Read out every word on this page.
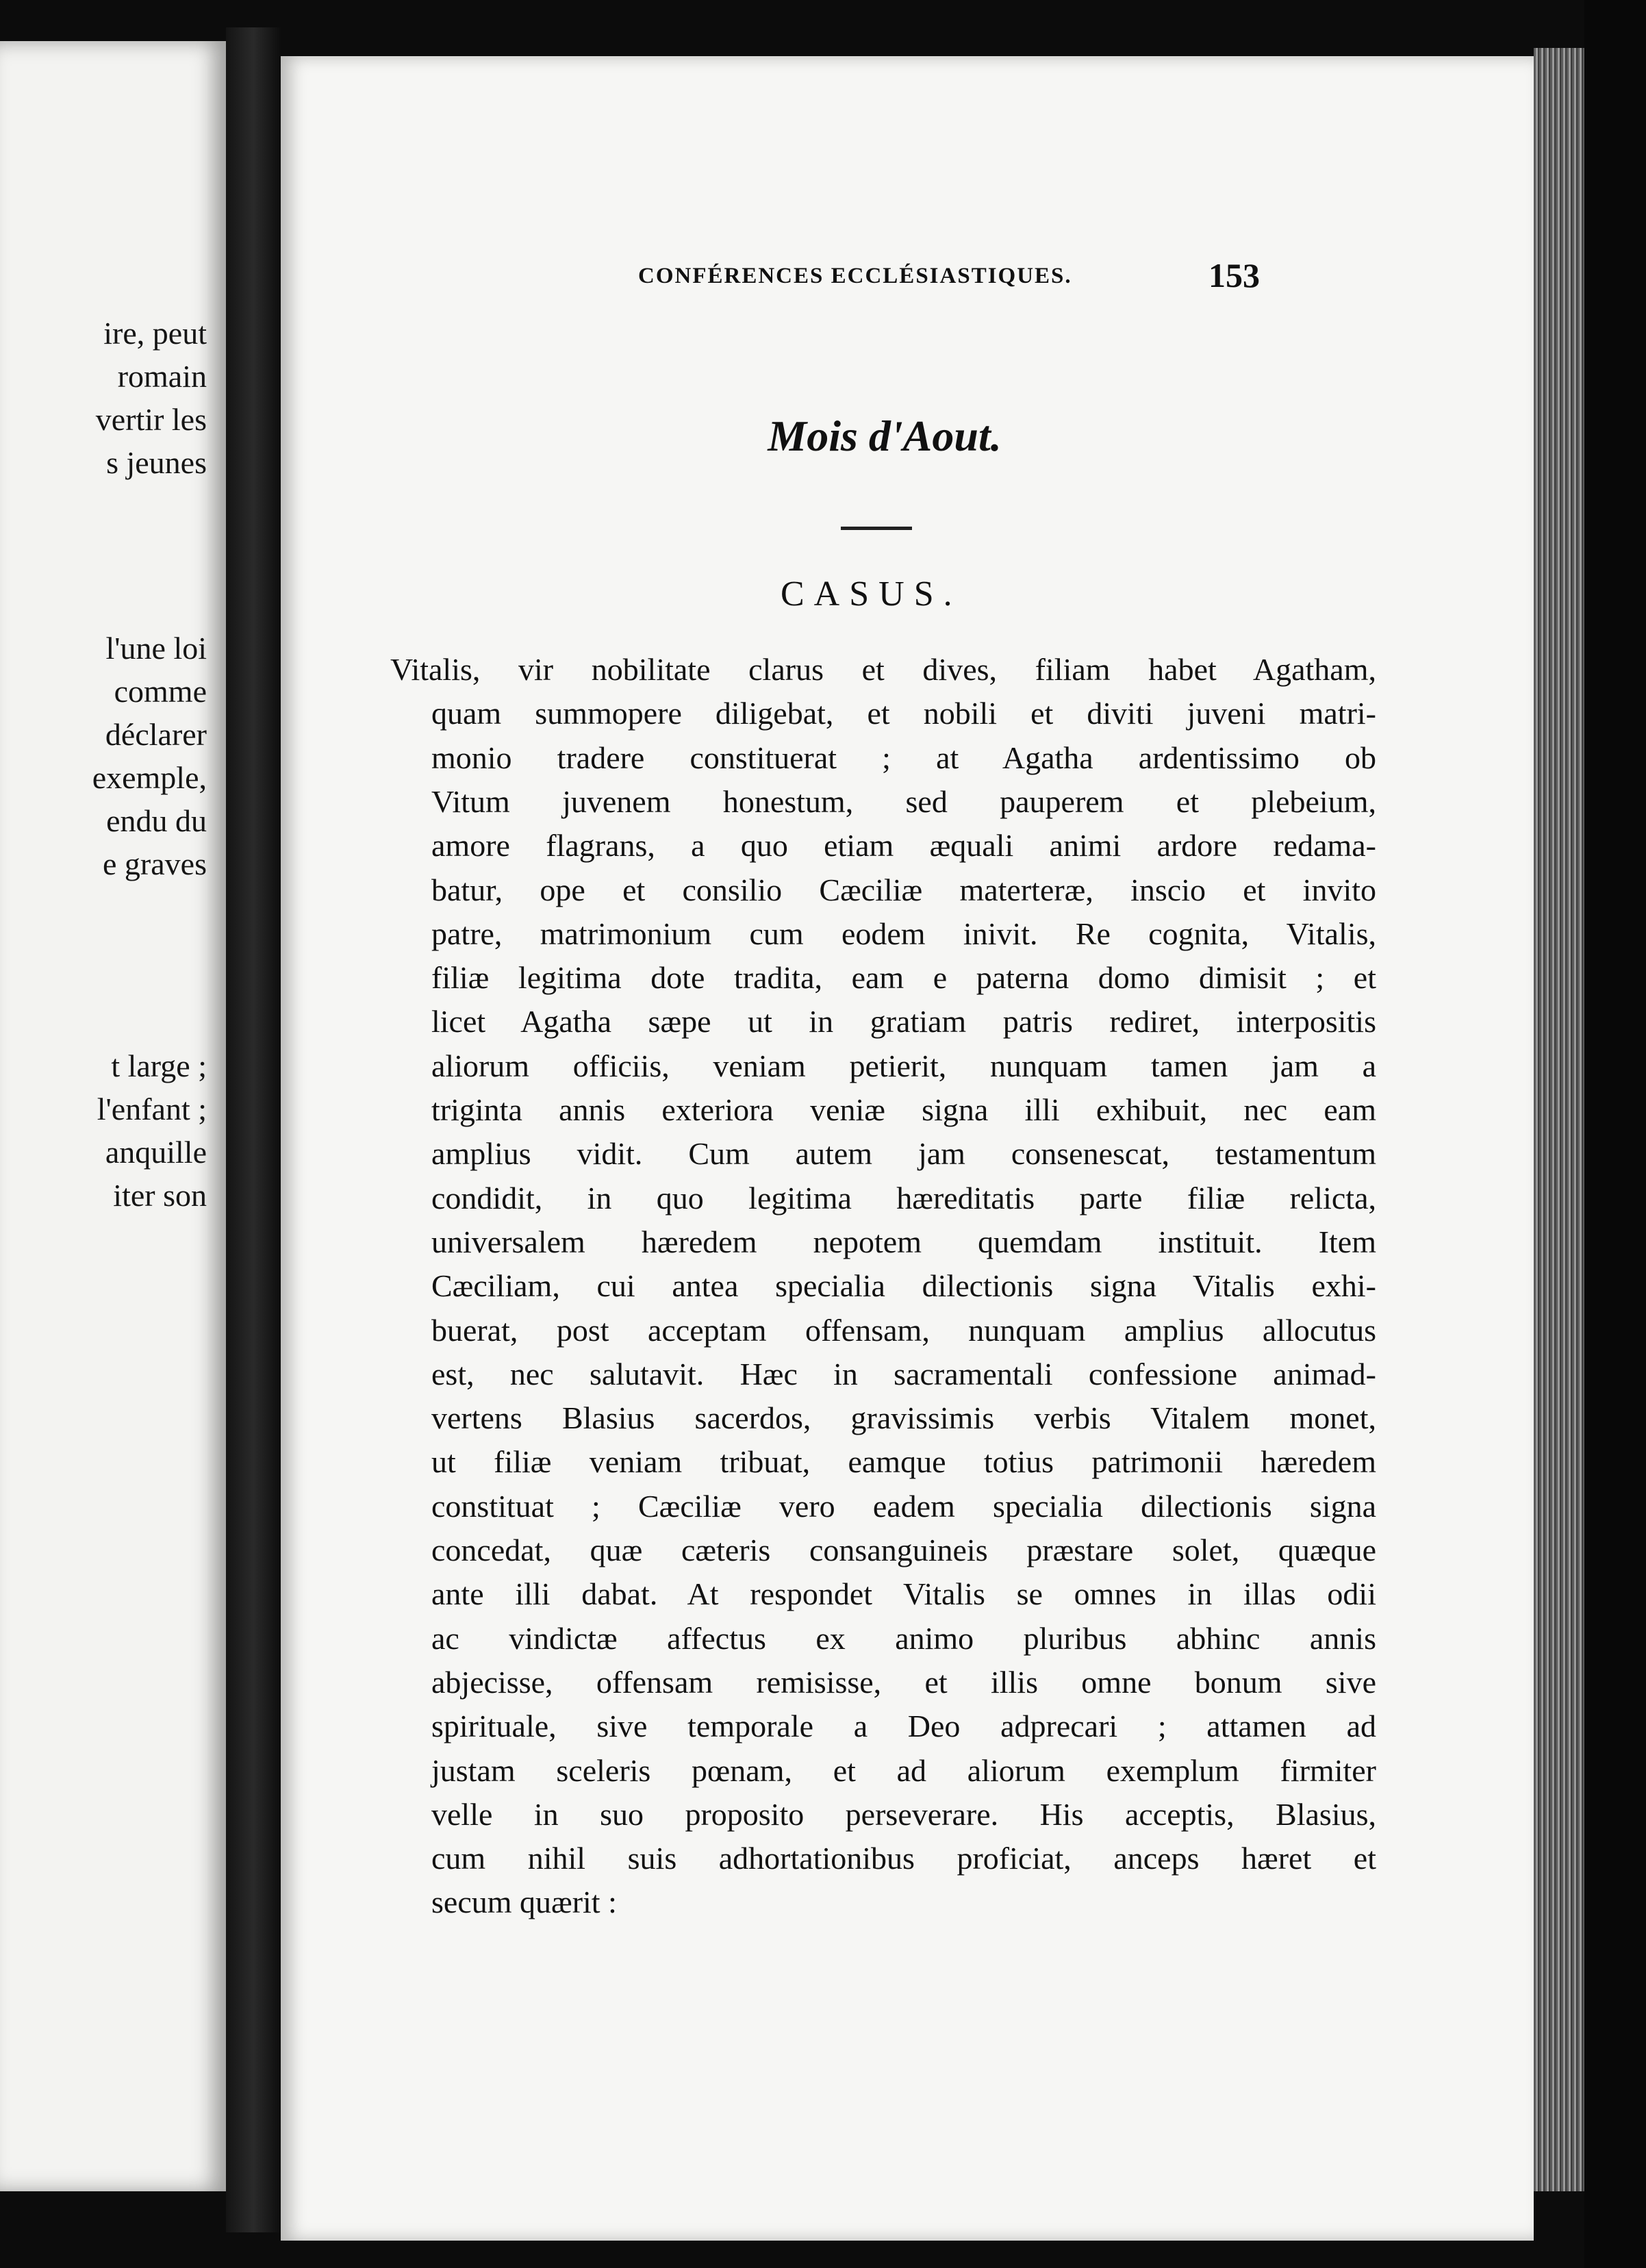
ire, peut
romain
vertir les
s jeunes
l'une loi
comme
déclarer
exemple,
endu du
e graves
t large ;
l'enfant ;
anquille
iter son
CONFÉRENCES ECCLÉSIASTIQUES.	153
Mois d'Aout.
CASUS.
Vitalis, vir nobilitate clarus et dives, filiam habet Agatham,
quam summopere diligebat, et nobili et diviti juveni matri-
monio tradere constituerat ; at Agatha ardentissimo ob
Vitum juvenem honestum, sed pauperem et plebeium,
amore flagrans, a quo etiam æquali animi ardore redama-
batur, ope et consilio Cæciliæ materteræ, inscio et invito
patre, matrimonium cum eodem inivit. Re cognita, Vitalis,
filiæ legitima dote tradita, eam e paterna domo dimisit ; et
licet Agatha sæpe ut in gratiam patris rediret, interpositis
aliorum officiis, veniam petierit, nunquam tamen jam a
triginta annis exteriora veniæ signa illi exhibuit, nec eam
amplius vidit. Cum autem jam consenescat, testamentum
condidit, in quo legitima hæreditatis parte filiæ relicta,
universalem hæredem nepotem quemdam instituit. Item
Cæciliam, cui antea specialia dilectionis signa Vitalis exhi-
buerat, post acceptam offensam, nunquam amplius allocutus
est, nec salutavit. Hæc in sacramentali confessione animad-
vertens Blasius sacerdos, gravissimis verbis Vitalem monet,
ut filiæ veniam tribuat, eamque totius patrimonii hæredem
constituat ; Cæciliæ vero eadem specialia dilectionis signa
concedat, quæ cæteris consanguineis præstare solet, quæque
ante illi dabat. At respondet Vitalis se omnes in illas odii
ac vindictæ affectus ex animo pluribus abhinc annis
abjecisse, offensam remisisse, et illis omne bonum sive
spirituale, sive temporale a Deo adprecari ; attamen ad
justam sceleris pœnam, et ad aliorum exemplum firmiter
velle in suo proposito perseverare. His acceptis, Blasius,
cum nihil suis adhortationibus proficiat, anceps hæret et
secum quærit :
